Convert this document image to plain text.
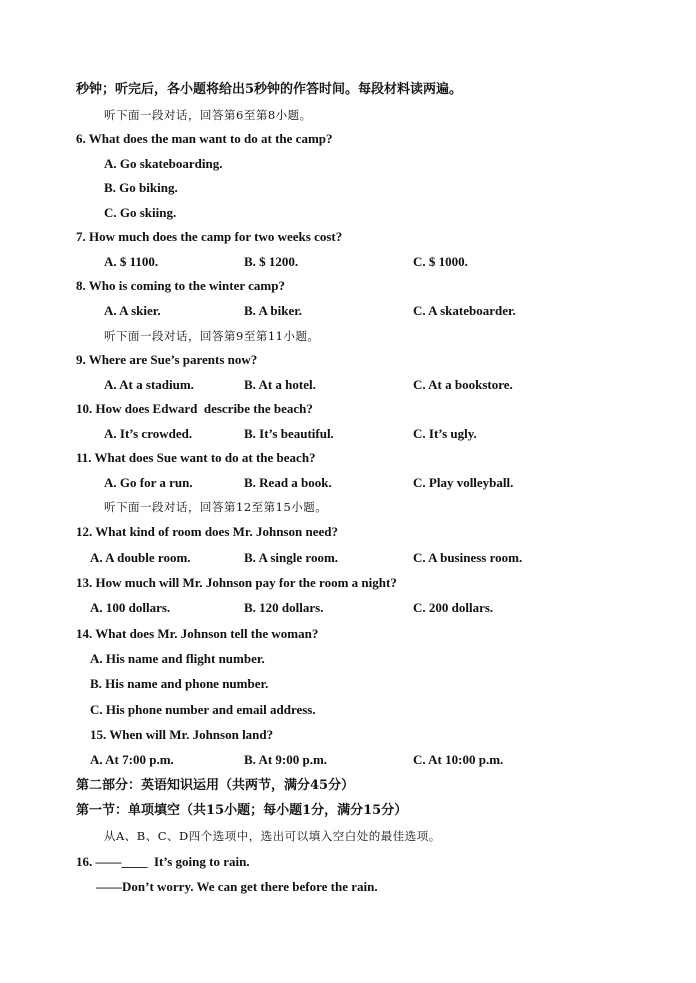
秒钟；听完后，各小题将给出5秒钟的作答时间。每段材料读两遍。
听下面一段对话，回答第6至第8小题。
6. What does the man want to do at the camp?
A. Go skateboarding.
B. Go biking.
C. Go skiing.
7. How much does the camp for two weeks cost?
A. $ 1100.	B. $ 1200.	C. $ 1000.
8. Who is coming to the winter camp?
A. A skier.	B. A biker.	C. A skateboarder.
听下面一段对话，回答第9至第11小题。
9. Where are Sue’s parents now?
A. At a stadium.	B. At a hotel.	C. At a bookstore.
10. How does Edward  describe the beach?
A. It’s crowded.	B. It’s beautiful.	C. It’s ugly.
11. What does Sue want to do at the beach?
A. Go for a run.	B. Read a book.	C. Play volleyball.
听下面一段对话，回答第12至第15小题。
12. What kind of room does Mr. Johnson need?
A. A double room.	B. A single room.	C. A business room.
13. How much will Mr. Johnson pay for the room a night?
A. 100 dollars.	B. 120 dollars.	C. 200 dollars.
14. What does Mr. Johnson tell the woman?
A. His name and flight number.
B. His name and phone number.
C. His phone number and email address.
15. When will Mr. Johnson land?
A. At 7:00 p.m.	B. At 9:00 p.m.	C. At 10:00 p.m.
第二部分：英语知识运用（共两节，满分45分）
第一节：单项填空（共15小题；每小题1分，满分15分）
从A、B、C、D四个选项中，选出可以填入空白处的最佳选项。
16. ——____  It’s going to rain.
——Don’t worry. We can get there before the rain.
